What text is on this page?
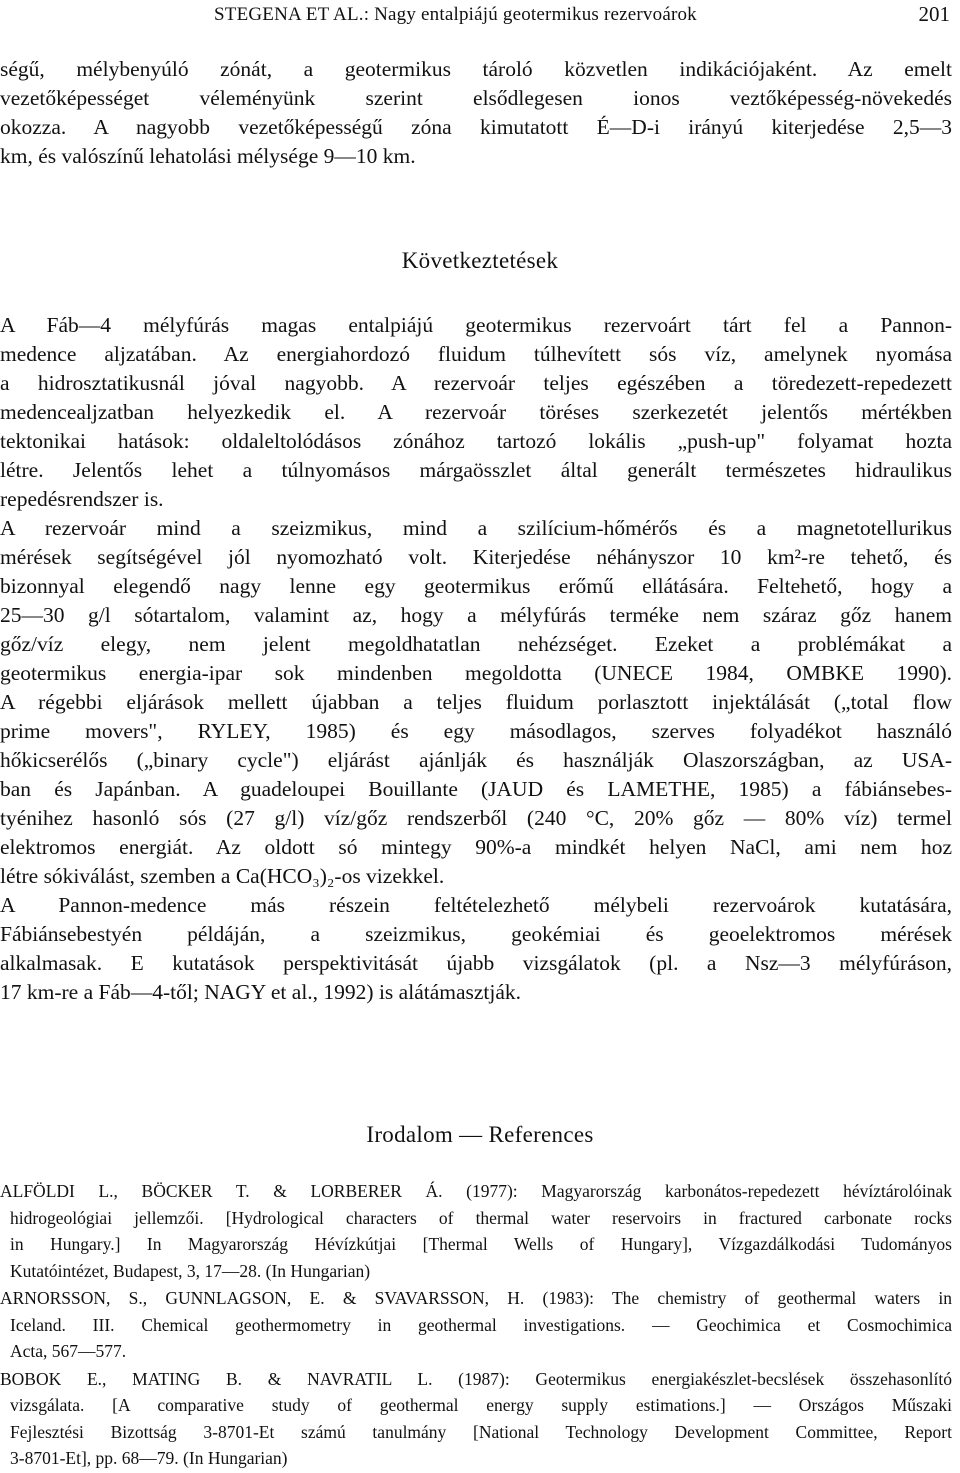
STEGENA ET AL.: Nagy entalpiájú geotermikus rezervoárok	201
ségű, mélybenyúló zónát, a geotermikus tároló közvetlen indikációjaként. Az emelt
vezetőképességet véleményünk szerint elsődlegesen ionos veztőképesség-növekedés
okozza. A nagyobb vezetőképességű zóna kimutatott É—D-i irányú kiterjedése 2,5—3
km, és valószínű lehatolási mélysége 9—10 km.
Következtetések
A Fáb—4 mélyfúrás magas entalpiájú geotermikus rezervoárt tárt fel a Pannon-
medence aljzatában. Az energiahordozó fluidum túlhevített sós víz, amelynek nyomása
a hidrosztatikusnál jóval nagyobb. A rezervoár teljes egészében a töredezett-repedezett
medencealjzatban helyezkedik el. A rezervoár töréses szerkezetét jelentős mértékben
tektonikai hatások: oldaleltolódásos zónához tartozó lokális „push-up" folyamat hozta
létre. Jelentős lehet a túlnyomásos márgaösszlet által generált természetes hidraulikus
repedésrendszer is.
A rezervoár mind a szeizmikus, mind a szilícium-hőmérős és a magnetotellurikus
mérések segítségével jól nyomozható volt. Kiterjedése néhányszor 10 km²-re tehető, és
bizonnyal elegendő nagy lenne egy geotermikus erőmű ellátására. Feltehető, hogy a
25—30 g/l sótartalom, valamint az, hogy a mélyfúrás terméke nem száraz gőz hanem
gőz/víz elegy, nem jelent megoldhatatlan nehézséget. Ezeket a problémákat a
geotermikus energia-ipar sok mindenben megoldotta (UNECE 1984, OMBKE 1990).
A régebbi eljárások mellett újabban a teljes fluidum porlasztott injektálását („total flow
prime movers", RYLEY, 1985) és egy másodlagos, szerves folyadékot használó
hőkicserélős („binary cycle") eljárást ajánlják és használják Olaszországban, az USA-
ban és Japánban. A guadeloupei Bouillante (JAUD és LAMETHE, 1985) a fábiánsebes-
tyénihez hasonló sós (27 g/l) víz/gőz rendszerből (240 °C, 20% gőz — 80% víz) termel
elektromos energiát. Az oldott só mintegy 90%-a mindkét helyen NaCl, ami nem hoz
létre sókiválást, szemben a Ca(HCO₃)₂-os vizekkel.
A Pannon-medence más részein feltételezhető mélybeli rezervoárok kutatására,
Fábiánsebestyén példáján, a szeizmikus, geokémiai és geoelektromos mérések
alkalmasak. E kutatások perspektivitását újabb vizsgálatok (pl. a Nsz—3 mélyfúráson,
17 km-re a Fáb—4-től; NAGY et al., 1992) is alátámasztják.
Irodalom — References
ALFÖLDI L., BÖCKER T. & LORBERER Á. (1977): Magyarország karbonátos-repedezett hévíztárolóinak
hidrogeológiai jellemzői. [Hydrological characters of thermal water reservoirs in fractured carbonate rocks
in Hungary.] In Magyarország Hévízkútjai [Thermal Wells of Hungary], Vízgazdálkodási Tudományos
Kutatóintézet, Budapest, 3, 17—28. (In Hungarian)
ARNORSSON, S., GUNNLAGSON, E. & SVAVARSSON, H. (1983): The chemistry of geothermal waters in
Iceland. III. Chemical geothermometry in geothermal investigations. — Geochimica et Cosmochimica
Acta, 567—577.
BOBOK E., MATING B. & NAVRATIL L. (1987): Geotermikus energiakészlet-becslések összehasonlító
vizsgálata. [A comparative study of geothermal energy supply estimations.] — Országos Műszaki
Fejlesztési Bizottság 3-8701-Et számú tanulmány [National Technology Development Committee, Report
3-8701-Et], pp. 68—79. (In Hungarian)
